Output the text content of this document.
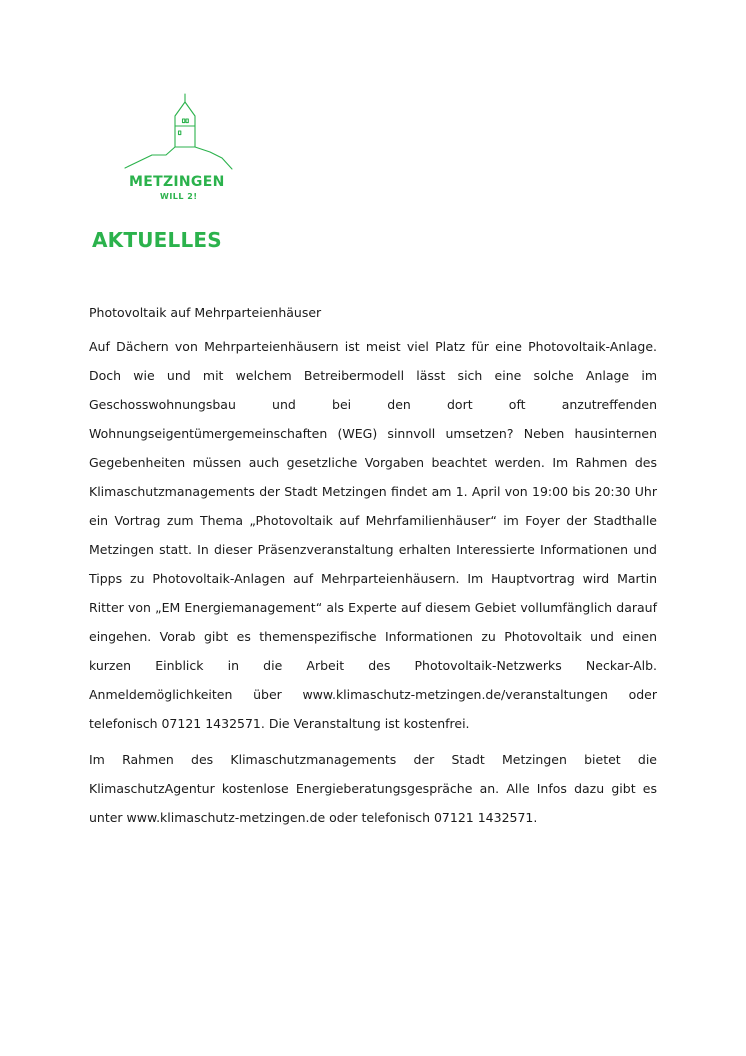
METZINGEN
WILL 2!
AKTUELLES

Photovoltaik auf Mehrparteienhäuser

Auf Dächern von Mehrparteienhäusern ist meist viel Platz für eine Photovoltaik-Anlage. Doch wie und mit welchem Betreibermodell lässt sich eine solche Anlage im Geschosswohnungsbau und bei den dort oft anzutreffenden Wohnungseigentümergemeinschaften (WEG) sinnvoll umsetzen? Neben hausinternen Gegebenheiten müssen auch gesetzliche Vorgaben beachtet werden. Im Rahmen des Klimaschutzmanagements der Stadt Metzingen findet am 1. April von 19:00 bis 20:30 Uhr ein Vortrag zum Thema „Photovoltaik auf Mehrfamilienhäuser“ im Foyer der Stadthalle Metzingen statt. In dieser Präsenzveranstaltung erhalten Interessierte Informationen und Tipps zu Photovoltaik-Anlagen auf Mehrparteienhäusern. Im Hauptvortrag wird Martin Ritter von „EM Energiemanagement“ als Experte auf diesem Gebiet vollumfänglich darauf eingehen. Vorab gibt es themenspezifische Informationen zu Photovoltaik und einen kurzen Einblick in die Arbeit des Photovoltaik-Netzwerks Neckar-Alb. Anmeldemöglichkeiten über www.klimaschutz-metzingen.de/veranstaltungen oder telefonisch 07121 1432571. Die Veranstaltung ist kostenfrei.

Im Rahmen des Klimaschutzmanagements der Stadt Metzingen bietet die KlimaschutzAgentur kostenlose Energieberatungsgespräche an. Alle Infos dazu gibt es unter www.klimaschutz-metzingen.de oder telefonisch 07121 1432571.
